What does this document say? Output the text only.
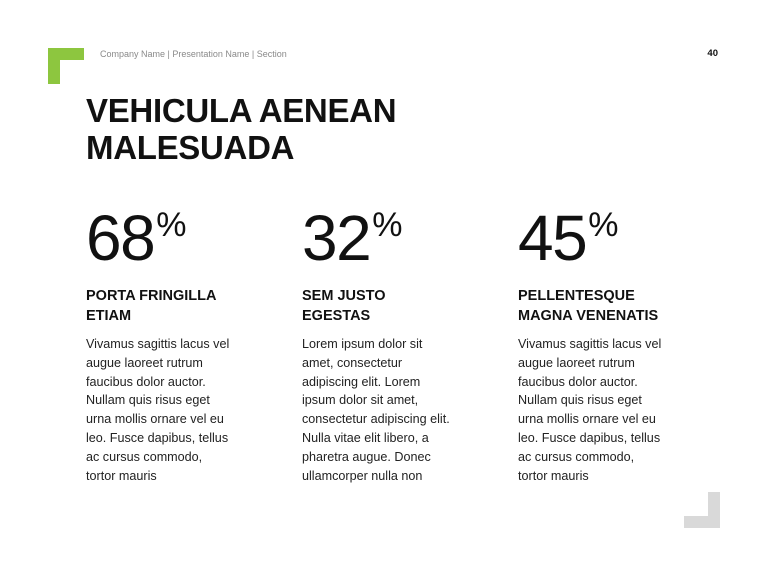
Company Name | Presentation Name | Section	40
VEHICULA AENEAN
MALESUADA
68 %
PORTA FRINGILLA
ETIAM

Vivamus sagittis lacus vel
augue laoreet rutrum
faucibus dolor auctor.
Nullam quis risus eget
urna mollis ornare vel eu
leo. Fusce dapibus, tellus
ac cursus commodo,
tortor mauris

32 %
SEM JUSTO
EGESTAS

Lorem ipsum dolor sit
amet, consectetur
adipiscing elit. Lorem
ipsum dolor sit amet,
consectetur adipiscing elit.
Nulla vitae elit libero, a
pharetra augue. Donec
ullamcorper nulla non

45 %
PELLENTESQUE
MAGNA VENENATIS

Vivamus sagittis lacus vel
augue laoreet rutrum
faucibus dolor auctor.
Nullam quis risus eget
urna mollis ornare vel eu
leo. Fusce dapibus, tellus
ac cursus commodo,
tortor mauris
